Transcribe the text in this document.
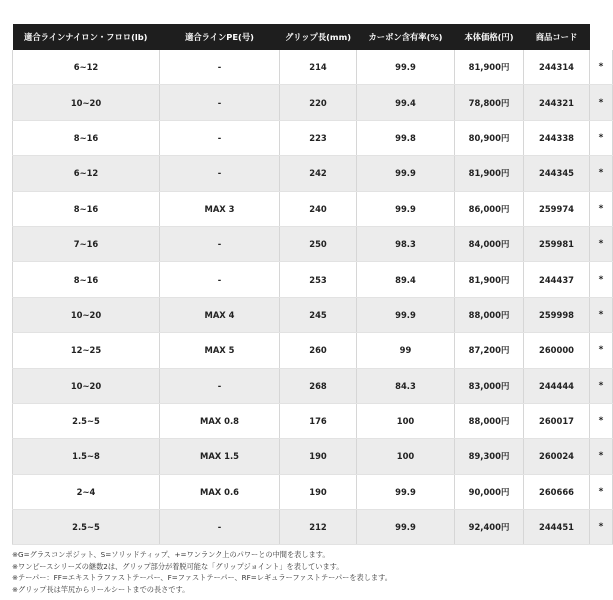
適合ラインナイロン・フロロ(lb)	適合ラインPE(号)	グリップ長(mm)	カーボン含有率(%)	本体価格(円)	商品コード	
6~12	-	214	99.9	81,900円	244314	*
10~20	-	220	99.4	78,800円	244321	*
8~16	-	223	99.8	80,900円	244338	*
6~12	-	242	99.9	81,900円	244345	*
8~16	MAX 3	240	99.9	86,000円	259974	*
7~16	-	250	98.3	84,000円	259981	*
8~16	-	253	89.4	81,900円	244437	*
10~20	MAX 4	245	99.9	88,000円	259998	*
12~25	MAX 5	260	99	87,200円	260000	*
10~20	-	268	84.3	83,000円	244444	*
2.5~5	MAX 0.8	176	100	88,000円	260017	*
1.5~8	MAX 1.5	190	100	89,300円	260024	*
2~4	MAX 0.6	190	99.9	90,000円	260666	*
2.5~5	-	212	99.9	92,400円	244451	*

※G=グラスコンポジット、S=ソリッドティップ、+=ワンランク上のパワーとの中間を表します。

※ワンピースシリーズの継数2は、グリップ部分が着脱可能な「グリップジョイント」を表しています。

※テーパー：FF=エキストラファストテーパー、F=ファストテーパー、RF=レギュラーファストテーパーを表します。

※グリップ長は竿尻からリールシートまでの長さです。
